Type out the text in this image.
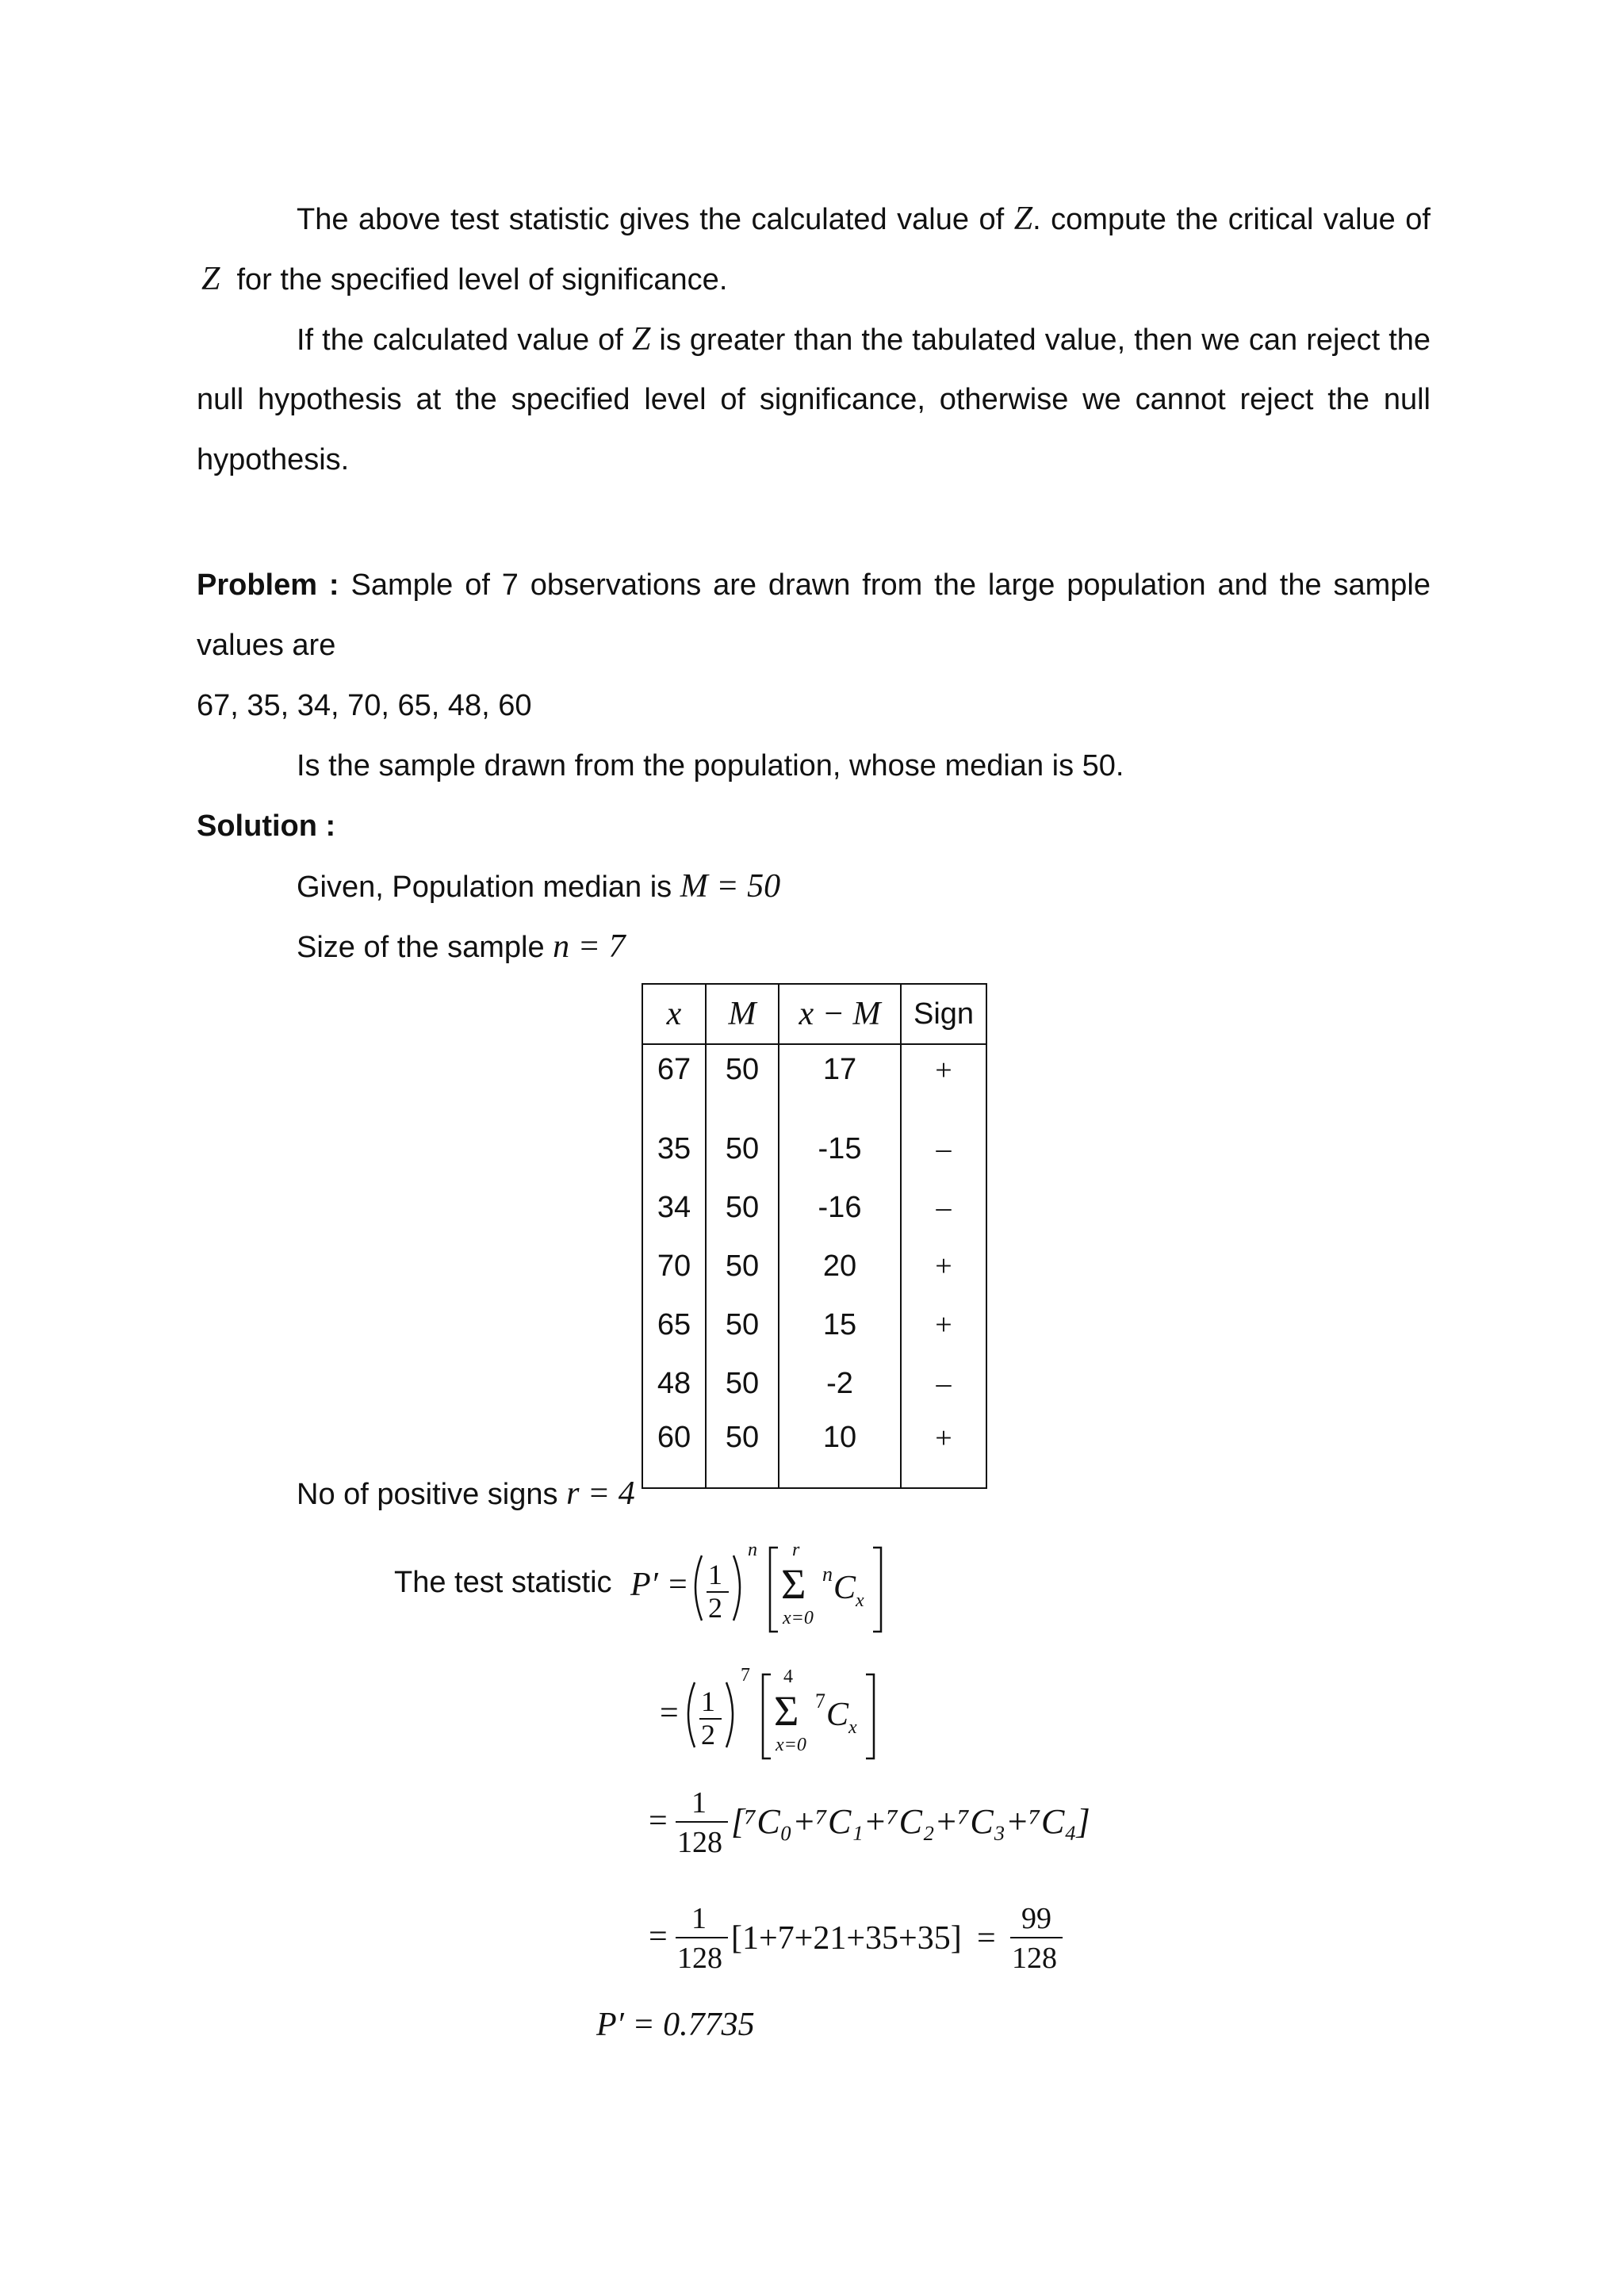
The above test statistic gives the calculated value of Z. compute the critical value of
Z for the specified level of significance.
If the calculated value of Z is greater than the tabulated value, then we can reject the
null hypothesis at the specified level of significance, otherwise we cannot reject the null
hypothesis.
Problem : Sample of 7 observations are drawn from the large population and the sample
values are
67, 35, 34, 70, 65, 48, 60
Is the sample drawn from the population, whose median is 50.
Solution :
Given, Population median is M = 50
Size of the sample n = 7
x	M	x − M	Sign
67	50	17	+
35	50	-15	–
34	50	-16	–
70	50	20	+
65	50	15	+
48	50	-2	–
60	50	10	+
No of positive signs r = 4
The test statistic P′ = 1
2
n r
Σ
x=0
n C x
= 1
2
7 4
Σ
x=0
7 C x
= 1
128
[⁷C₀+⁷C₁+⁷C₂+⁷C₃+⁷C₄]
= 1
128
[1+7+21+35+35] =
99
128
P′ = 0.7735
